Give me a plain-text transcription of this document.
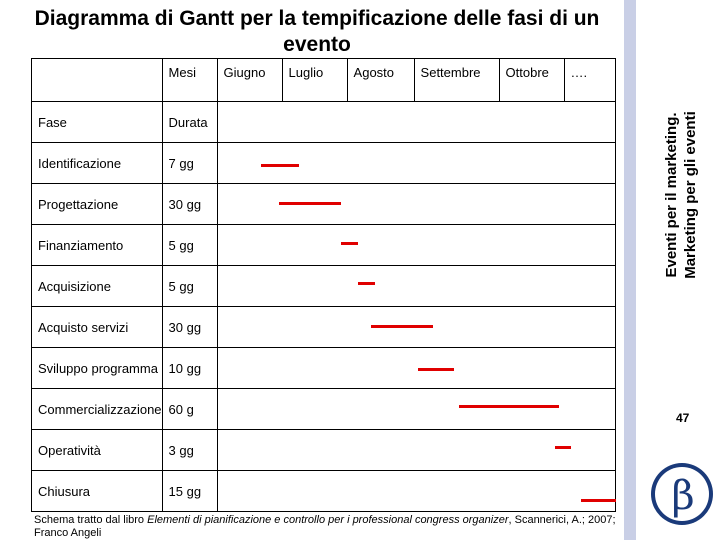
Diagramma di Gantt per la tempificazione delle fasi di un evento
Eventi per il marketing. Marketing per gli eventi
47
β
	Mesi	Giugno	Luglio	Agosto	Settembre	Ottobre	….
Fase	Durata						
Identificazione	7 gg						
Progettazione	30 gg						
Finanziamento	5 gg						
Acquisizione	5 gg						
Acquisto servizi	30 gg						
Sviluppo programma	10 gg						
Commercializzazione	60 g						
Operatività	3 gg						
Chiusura	15 gg						
Schema tratto dal libro Elementi di pianificazione e controllo per i professional congress organizer, Scannerici, A.; 2007; Franco Angeli
